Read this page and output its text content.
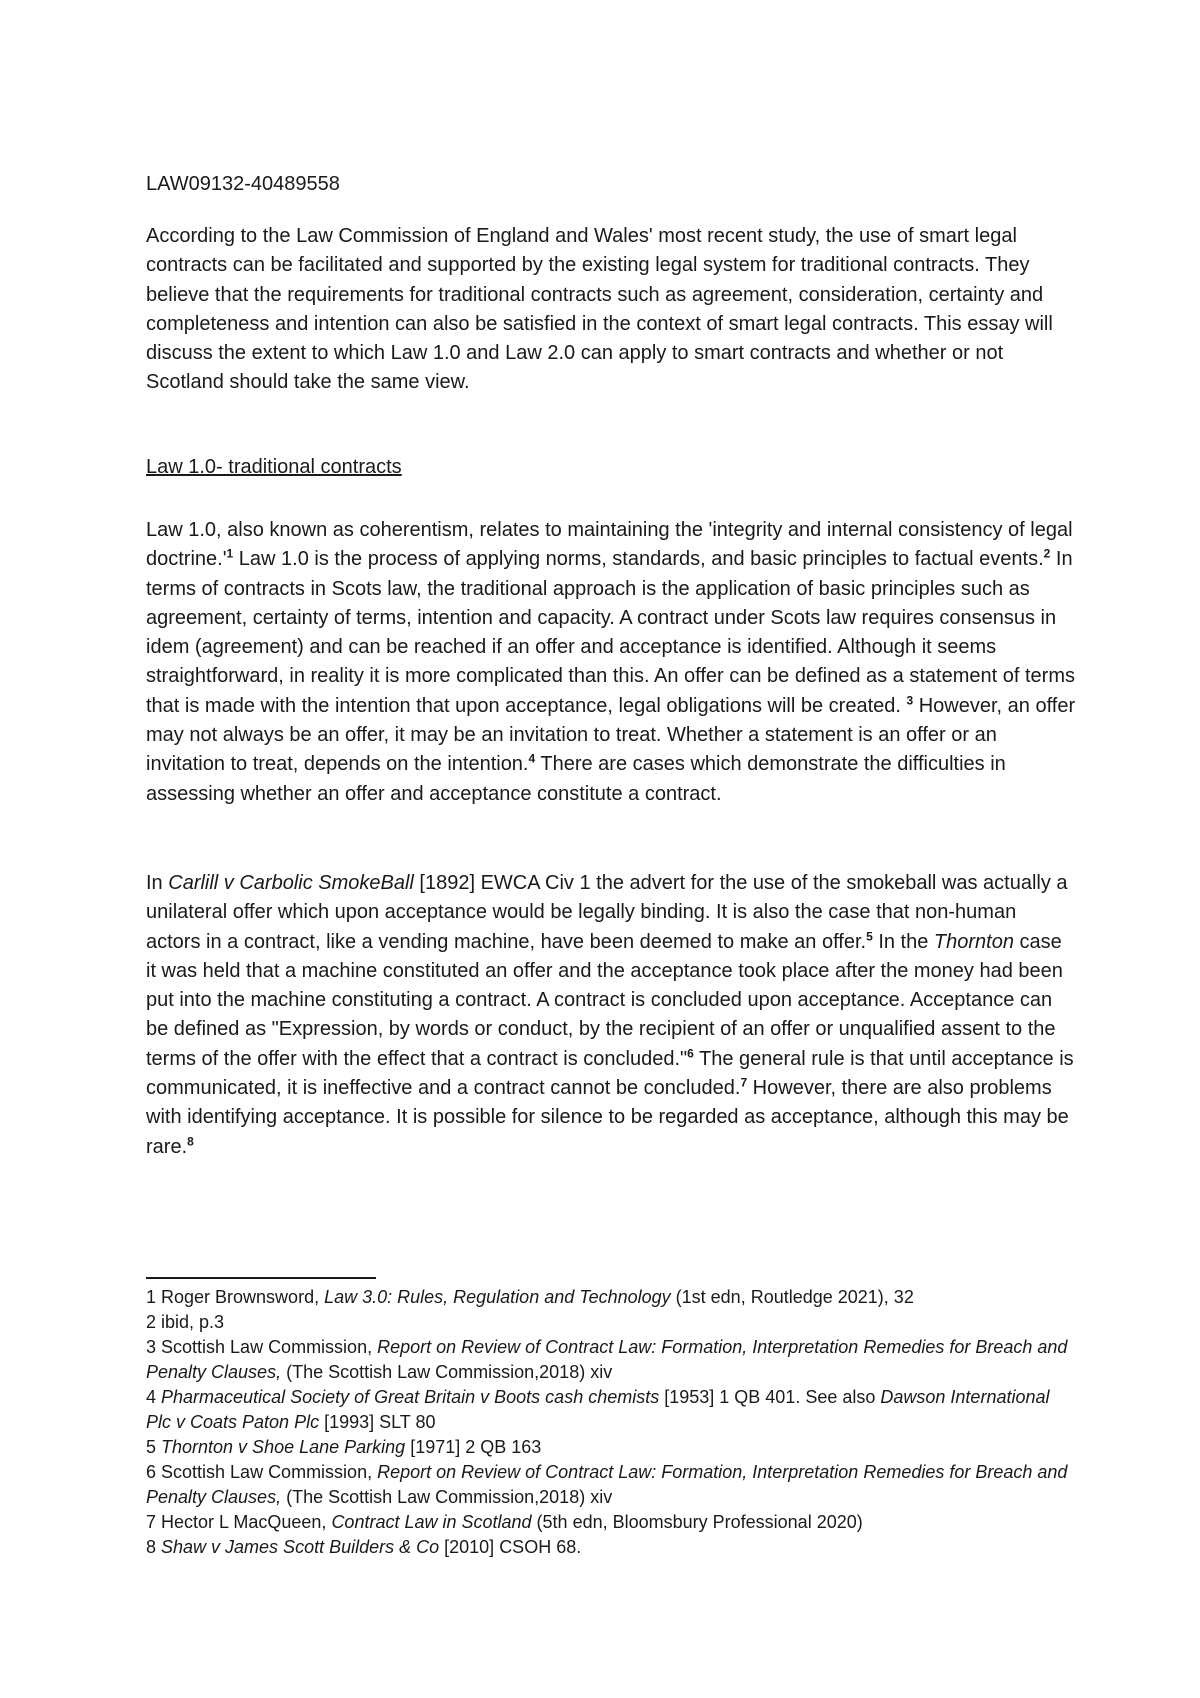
LAW09132-40489558

According to the Law Commission of England and Wales' most recent study, the use of smart legal contracts can be facilitated and supported by the existing legal system for traditional contracts. They believe that the requirements for traditional contracts such as agreement, consideration, certainty and completeness and intention can also be satisfied in the context of smart legal contracts. This essay will discuss the extent to which Law 1.0 and Law 2.0 can apply to smart contracts and whether or not Scotland should take the same view.

Law 1.0- traditional contracts

Law 1.0, also known as coherentism, relates to maintaining the 'integrity and internal consistency of legal $doctrine.'^1$ Law 1.0 is the process of applying norms, standards, and basic principles to factual events.$^2$ In terms of contracts in Scots law, the traditional approach is the application of basic principles such as agreement, certainty of terms, intention and capacity. A contract under Scots law requires consensus in idem (agreement) and can be reached if an offer and acceptance is identified. Although it seems straightforward, in reality it is more complicated than this. An offer can be defined as a statement of terms that is made with the intention that upon acceptance, legal obligations will be created. $^3$ However, an offer may not always be an offer, it may be an invitation to treat. Whether a statement is an offer or an invitation to treat, depends on the intention.$^4$ There are cases which demonstrate the difficulties in assessing whether an offer and acceptance constitute a contract.

In Carlill v Carbolic SmokeBall [1892] EWCA Civ 1 the advert for the use of the smokeball was actually a unilateral offer which upon acceptance would be legally binding. It is also the case that non-human actors in a contract, like a vending machine, have been deemed to make an offer.$^5$ In the Thornton case it was held that a machine constituted an offer and the acceptance took place after the money had been put into the machine constituting a contract. A contract is concluded upon acceptance. Acceptance can be defined as "Expression, by words or conduct, by the recipient of an offer or unqualified assent to the terms of the offer with the effect that a contract is concluded."$^6$ The general rule is that until acceptance is communicated, it is ineffective and a contract cannot be concluded.$^7$ However, there are also problems with identifying acceptance. It is possible for silence to be regarded as acceptance, although this may be rare.$^8$

1 Roger Brownsword, Law 3.0: Rules, Regulation and Technology (1st edn, Routledge 2021), 32

2 ibid, p.3

3 Scottish Law Commission, Report on Review of Contract Law: Formation, Interpretation Remedies for Breach and Penalty Clauses, (The Scottish Law Commission,2018) xiv

4 Pharmaceutical Society of Great Britain v Boots cash chemists [1953] 1 QB 401. See also Dawson International Plc v Coats Paton Plc [1993] SLT 80

5 Thornton v Shoe Lane Parking [1971] 2 QB 163

6 Scottish Law Commission, Report on Review of Contract Law: Formation, Interpretation Remedies for Breach and Penalty Clauses, (The Scottish Law Commission,2018) xiv

7 Hector L MacQueen, Contract Law in Scotland (5th edn, Bloomsbury Professional 2020)

8 Shaw v James Scott Builders & Co [2010] CSOH 68.
